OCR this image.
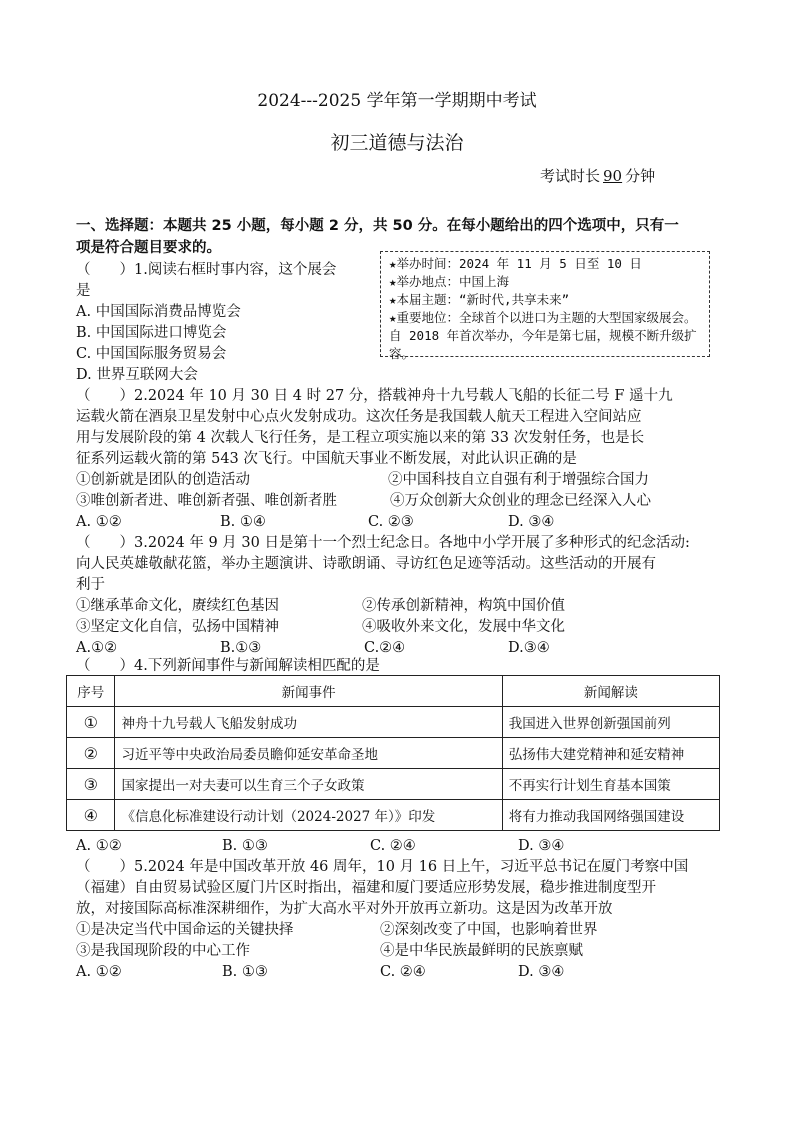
2024---2025 学年第一学期期中考试
初三道德与法治
考试时长 90 分钟
一、选择题：本题共 25 小题，每小题 2 分，共 50 分。在每小题给出的四个选项中，只有一
项是符合题目要求的。
★举办时间：2024 年 11 月 5 日至 10 日
★举办地点：中国上海
★本届主题：“新时代,共享未来”
★重要地位：全球首个以进口为主题的大型国家级展会。自 2018 年首次举办，今年是第七届，规模不断升级扩容。
（　　）1.阅读右框时事内容，这个展会
是
A. 中国国际消费品博览会
B. 中国国际进口博览会
C. 中国国际服务贸易会
D. 世界互联网大会
（　　）2.2024 年 10 月 30 日 4 时 27 分，搭载神舟十九号载人飞船的长征二号 F 遥十九
运载火箭在酒泉卫星发射中心点火发射成功。这次任务是我国载人航天工程进入空间站应
用与发展阶段的第 4 次载人飞行任务，是工程立项实施以来的第 33 次发射任务，也是长
征系列运载火箭的第 543 次飞行。中国航天事业不断发展，对此认识正确的是
①创新就是团队的创造活动	②中国科技自立自强有利于增强综合国力
③唯创新者进、唯创新者强、唯创新者胜	④万众创新大众创业的理念已经深入人心
A. ①②	B. ①④	C. ②③	D. ③④
（　　）3.2024 年 9 月 30 日是第十一个烈士纪念日。各地中小学开展了多种形式的纪念活动:
向人民英雄敬献花篮，举办主题演讲、诗歌朗诵、寻访红色足迹等活动。这些活动的开展有
利于
①继承革命文化，赓续红色基因	②传承创新精神，构筑中国价值
③坚定文化自信，弘扬中国精神	④吸收外来文化，发展中华文化
A.①②	B.①③	C.②④	D.③④
（　　）4.下列新闻事件与新闻解读相匹配的是
序号	新闻事件	新闻解读
①	神舟十九号载人飞船发射成功	我国进入世界创新强国前列
②	习近平等中央政治局委员瞻仰延安革命圣地	弘扬伟大建党精神和延安精神
③	国家提出一对夫妻可以生育三个子女政策	不再实行计划生育基本国策
④	《信息化标准建设行动计划（2024-2027 年）》印发	将有力推动我国网络强国建设
A. ①②	B. ①③	C. ②④	D. ③④
（　　）5.2024 年是中国改革开放 46 周年，10 月 16 日上午，习近平总书记在厦门考察中国
（福建）自由贸易试验区厦门片区时指出，福建和厦门要适应形势发展，稳步推进制度型开
放，对接国际高标准深耕细作，为扩大高水平对外开放再立新功。这是因为改革开放
①是决定当代中国命运的关键抉择	②深刻改变了中国，也影响着世界
③是我国现阶段的中心工作	④是中华民族最鲜明的民族禀赋
A. ①②	B. ①③	C. ②④	D. ③④
